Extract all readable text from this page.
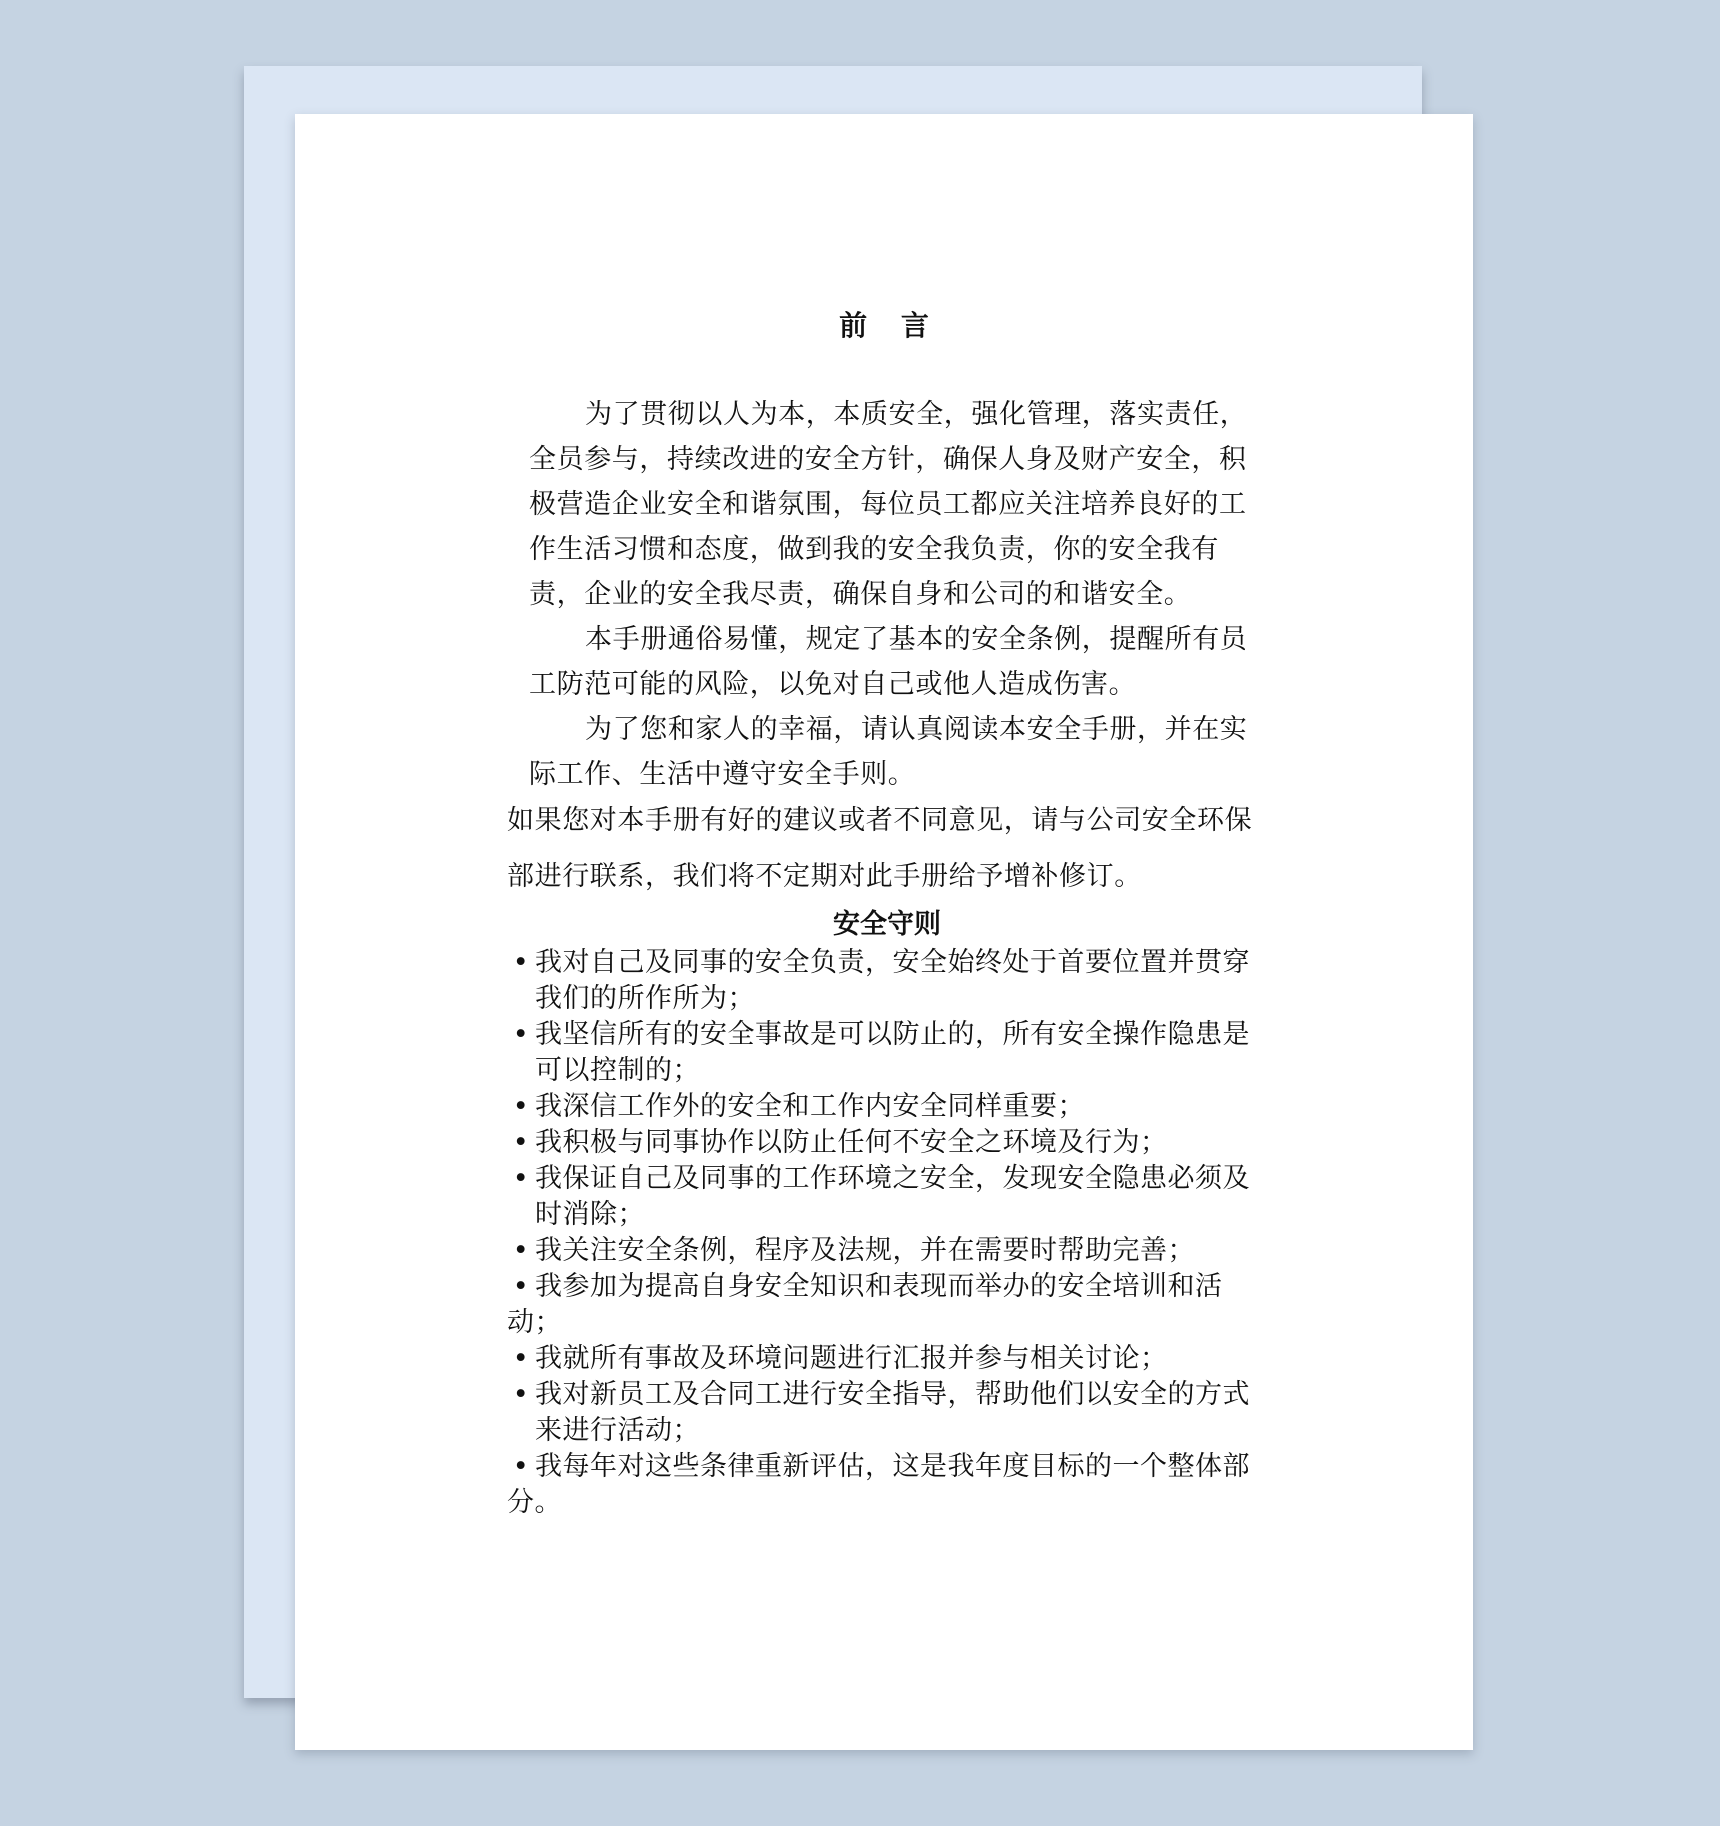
前 言

为了贯彻以人为本，本质安全，强化管理，落实责任，全员参与，持续改进的安全方针，确保人身及财产安全，积极营造企业安全和谐氛围，每位员工都应关注培养良好的工作生活习惯和态度，做到我的安全我负责，你的安全我有责，企业的安全我尽责，确保自身和公司的和谐安全。

本手册通俗易懂，规定了基本的安全条例，提醒所有员工防范可能的风险，以免对自己或他人造成伤害。

为了您和家人的幸福，请认真阅读本安全手册，并在实际工作、生活中遵守安全手则。

如果您对本手册有好的建议或者不同意见，请与公司安全环保部进行联系，我们将不定期对此手册给予增补修订。

安全守则

• 我对自己及同事的安全负责，安全始终处于首要位置并贯穿我们的所作所为；
• 我坚信所有的安全事故是可以防止的，所有安全操作隐患是可以控制的；
• 我深信工作外的安全和工作内安全同样重要；
• 我积极与同事协作以防止任何不安全之环境及行为；
• 我保证自己及同事的工作环境之安全，发现安全隐患必须及时消除；
• 我关注安全条例，程序及法规，并在需要时帮助完善；
• 我参加为提高自身安全知识和表现而举办的安全培训和活动；
• 我就所有事故及环境问题进行汇报并参与相关讨论；
• 我对新员工及合同工进行安全指导，帮助他们以安全的方式来进行活动；
• 我每年对这些条律重新评估，这是我年度目标的一个整体部分。
